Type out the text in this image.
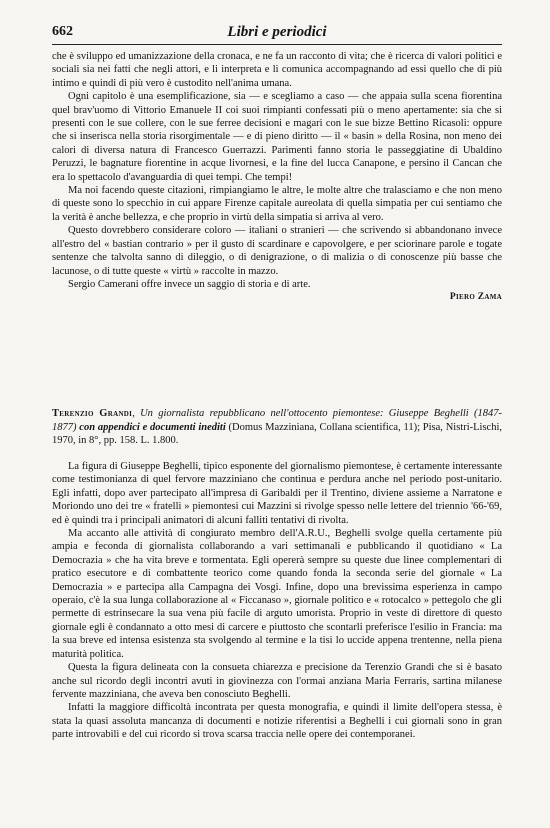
662	Libri e periodici

che è sviluppo ed umanizzazione della cronaca, e ne fa un racconto di vita; che è ricerca di valori politici e sociali sia nei fatti che negli attori, e li interpreta e li comunica accompagnando ad essi quello che di più intimo e quindi di più vero è custodito nell'anima umana.

Ogni capitolo è una esemplificazione, sia — e scegliamo a caso — che appaia sulla scena fiorentina quel brav'uomo di Vittorio Emanuele II coi suoi rimpianti confessati più o meno apertamente: sia che si presenti con le sue collere, con le sue ferree decisioni e magari con le sue bizze Bettino Ricasoli: oppure che si inserisca nella storia risorgimentale — e di pieno diritto — il « basin » della Rosina, non meno dei calori di diversa natura di Francesco Guerrazzi. Parimenti fanno storia le passeggiatine di Ubaldino Peruzzi, le bagnature fiorentine in acque livornesi, e la fine del lucca Canapone, e persino il Cancan che era lo spettacolo d'avanguardia di quei tempi. Che tempi!

Ma noi facendo queste citazioni, rimpiangiamo le altre, le molte altre che tralasciamo e che non meno di queste sono lo specchio in cui appare Firenze capitale aureolata di quella simpatia per cui sentiamo che la verità è anche bellezza, e che proprio in virtù della simpatia si arriva al vero.

Questo dovrebbero considerare coloro — italiani o stranieri — che scrivendo si abbandonano invece all'estro del « bastian contrario » per il gusto di scardinare e capovolgere, e per sciorinare parole e togate sentenze che talvolta sanno di dileggio, o di denigrazione, o di malizia o di conoscenze più basse che lacunose, o di tutte queste « virtù » raccolte in mazzo.

Sergio Camerani offre invece un saggio di storia e di arte.

Piero Zama

Terenzio Grandi, Un giornalista repubblicano nell'ottocento piemontese: Giuseppe Beghelli (1847-1877) con appendici e documenti inediti (Domus Mazziniana, Collana scientifica, 11); Pisa, Nistri-Lischi, 1970, in 8°, pp. 158. L. 1.800.

La figura di Giuseppe Beghelli, tipico esponente del giornalismo piemontese, è certamente interessante come testimonianza di quel fervore mazziniano che continua e perdura anche nel periodo post-unitario. Egli infatti, dopo aver partecipato all'impresa di Garibaldi per il Trentino, diviene assieme a Narratone e Moriondo uno dei tre « fratelli » piemontesi cui Mazzini si rivolge spesso nelle lettere del triennio '66-'69, ed è quindi tra i principali animatori di alcuni falliti tentativi di rivolta.

Ma accanto alle attività di congiurato membro dell'A.R.U., Beghelli svolge quella certamente più ampia e feconda di giornalista collaborando a vari settimanali e pubblicando il quotidiano « La Democrazia » che ha vita breve e tormentata. Egli opererà sempre su queste due linee complementari di pratico esecutore e di combattente teorico come quando fonda la seconda serie del giornale « La Democrazia » e partecipa alla Campagna dei Vosgi. Infine, dopo una brevissima esperienza in campo operaio, c'è la sua lunga collaborazione al « Ficcanaso », giornale politico e « rotocalco » pettegolo che gli permette di estrinsecare la sua vena più facile di arguto umorista. Proprio in veste di direttore di questo giornale egli è condannato a otto mesi di carcere e piuttosto che scontarli preferisce l'esilio in Francia: ma la sua breve ed intensa esistenza sta svolgendo al termine e la tisi lo uccide appena trentenne, nella piena maturità politica.

Questa la figura delineata con la consueta chiarezza e precisione da Terenzio Grandi che si è basato anche sul ricordo degli incontri avuti in giovinezza con l'ormai anziana Maria Ferraris, sartina milanese fervente mazziniana, che aveva ben conosciuto Beghelli.

Infatti la maggiore difficoltà incontrata per questa monografia, e quindi il limite dell'opera stessa, è stata la quasi assoluta mancanza di documenti e notizie riferentisi a Beghelli i cui giornali sono in gran parte introvabili e del cui ricordo si trova scarsa traccia nelle opere dei contemporanei.
